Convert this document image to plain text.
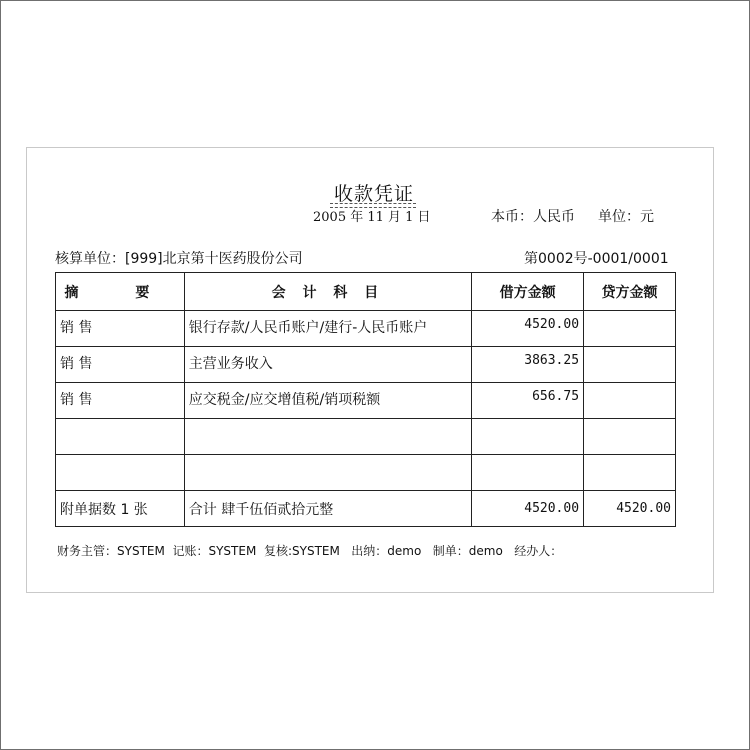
收款凭证
2005 年 11 月 1 日	本币：人民币 单位：元
核算单位：[999]北京第十医药股份公司	第0002号-0001/0001
摘 要	会 计 科 目	借方金额	贷方金额
销 售	银行存款/人民币账户/建行-人民币账户	4520.00	
销 售	主营业务收入	3863.25	
销 售	应交税金/应交增值税/销项税额	656.75	

附单据数 1 张	合计 肆千伍佰贰拾元整	4520.00	4520.00
财务主管：SYSTEM 记账：SYSTEM 复核:SYSTEM 出纳：demo 制单：demo 经办人：
